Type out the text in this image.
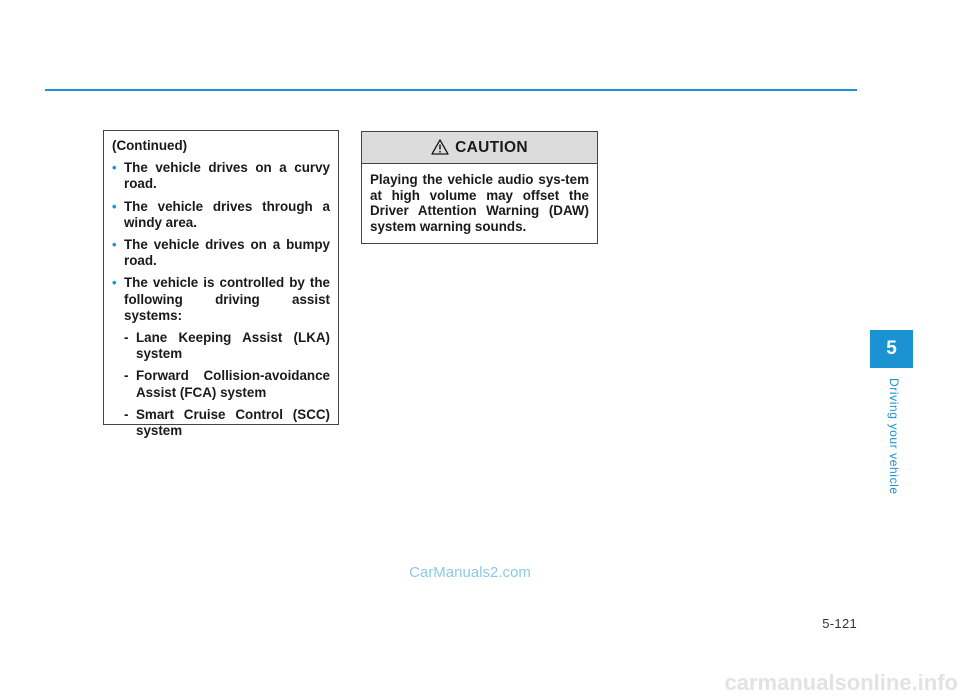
(Continued)
• The vehicle drives on a curvy road.
• The vehicle drives through a windy area.
• The vehicle drives on a bumpy road.
• The vehicle is controlled by the following driving assist systems:
- Lane Keeping Assist (LKA) system
- Forward Collision-avoidance Assist (FCA) system
- Smart Cruise Control (SCC) system
CAUTION
Playing the vehicle audio sys-tem at high volume may offset the Driver Attention Warning (DAW) system warning sounds.
5
Driving your vehicle
CarManuals2.com
5-121
carmanualsonline.info
